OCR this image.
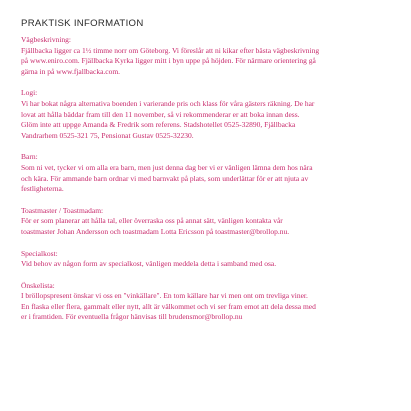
PRAKTISK INFORMATION

Vägbeskrivning:

Fjällbacka ligger ca 1½ timme norr om Göteborg. Vi föreslår att ni kikar efter bästa vägbeskrivning
på www.eniro.com. Fjällbacka Kyrka ligger mitt i byn uppe på höjden. För närmare orientering gå
gärna in på www.fjallbacka.com.

Logi:

Vi har bokat några alternativa boenden i varierande pris och klass för våra gästers räkning. De har
lovat att hålla bäddar fram till den 11 november, så vi rekommenderar er att boka innan dess.
Glöm inte att uppge Amanda & Fredrik som referens. Stadshotellet 0525-32890, Fjällbacka
Vandrarhem 0525-321 75, Pensionat Gustav 0525-32230.

Barn:

Som ni vet, tycker vi om alla era barn, men just denna dag ber vi er vänligen lämna dem hos nära
och kära. För ammande barn ordnar vi med barnvakt på plats, som underlättar för er att njuta av
festligheterna.

Toastmaster / Toastmadam:

För er som planerar att hålla tal, eller överraska oss på annat sätt, vänligen kontakta vår
toastmaster Johan Andersson och toastmadam Lotta Ericsson på toastmaster@brollop.nu.

Specialkost:

Vid behov av någon form av specialkost, vänligen meddela detta i samband med osa.

Önskelista:

I bröllopspresent önskar vi oss en "vinkällare". En tom källare har vi men ont om trevliga viner.
En flaska eller flera, gammalt eller nytt, allt är välkommet och vi ser fram emot att dela dessa med
er i framtiden. För eventuella frågor hänvisas till brudensmor@brollop.nu
